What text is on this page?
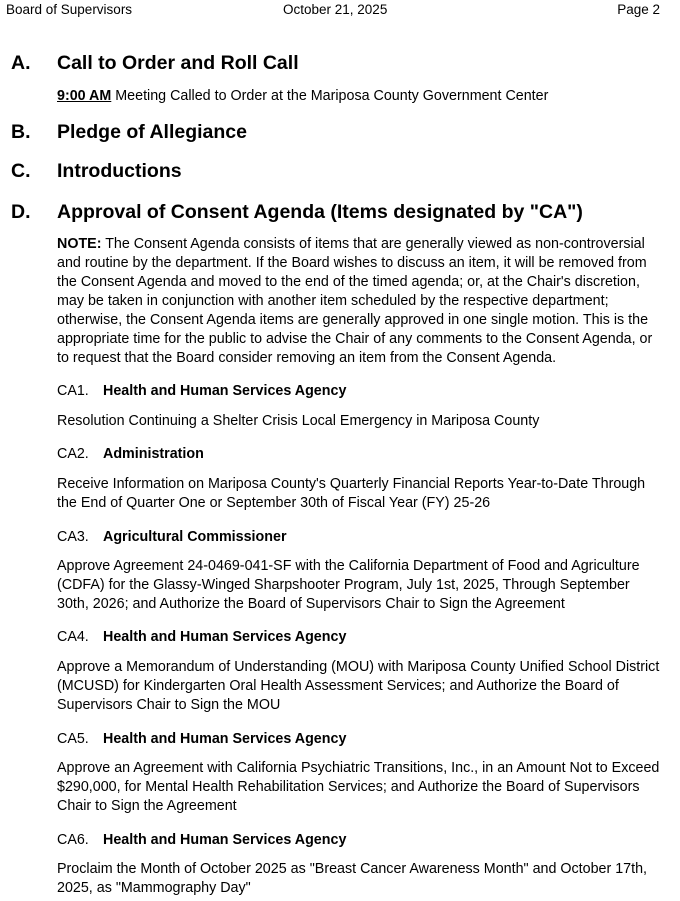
Board of Supervisors	October 21, 2025	Page 2
A. Call to Order and Roll Call
9:00 AM Meeting Called to Order at the Mariposa County Government Center
B. Pledge of Allegiance
C. Introductions
D. Approval of Consent Agenda (Items designated by "CA")
NOTE: The Consent Agenda consists of items that are generally viewed as non-controversial and routine by the department. If the Board wishes to discuss an item, it will be removed from the Consent Agenda and moved to the end of the timed agenda; or, at the Chair's discretion, may be taken in conjunction with another item scheduled by the respective department; otherwise, the Consent Agenda items are generally approved in one single motion. This is the appropriate time for the public to advise the Chair of any comments to the Consent Agenda, or to request that the Board consider removing an item from the Consent Agenda.
CA1. Health and Human Services Agency
Resolution Continuing a Shelter Crisis Local Emergency in Mariposa County
CA2. Administration
Receive Information on Mariposa County's Quarterly Financial Reports Year-to-Date Through the End of Quarter One or September 30th of Fiscal Year (FY) 25-26
CA3. Agricultural Commissioner
Approve Agreement 24-0469-041-SF with the California Department of Food and Agriculture (CDFA) for the Glassy-Winged Sharpshooter Program, July 1st, 2025, Through September 30th, 2026; and Authorize the Board of Supervisors Chair to Sign the Agreement
CA4. Health and Human Services Agency
Approve a Memorandum of Understanding (MOU) with Mariposa County Unified School District (MCUSD) for Kindergarten Oral Health Assessment Services; and Authorize the Board of Supervisors Chair to Sign the MOU
CA5. Health and Human Services Agency
Approve an Agreement with California Psychiatric Transitions, Inc., in an Amount Not to Exceed $290,000, for Mental Health Rehabilitation Services; and Authorize the Board of Supervisors Chair to Sign the Agreement
CA6. Health and Human Services Agency
Proclaim the Month of October 2025 as "Breast Cancer Awareness Month" and October 17th, 2025, as "Mammography Day"
